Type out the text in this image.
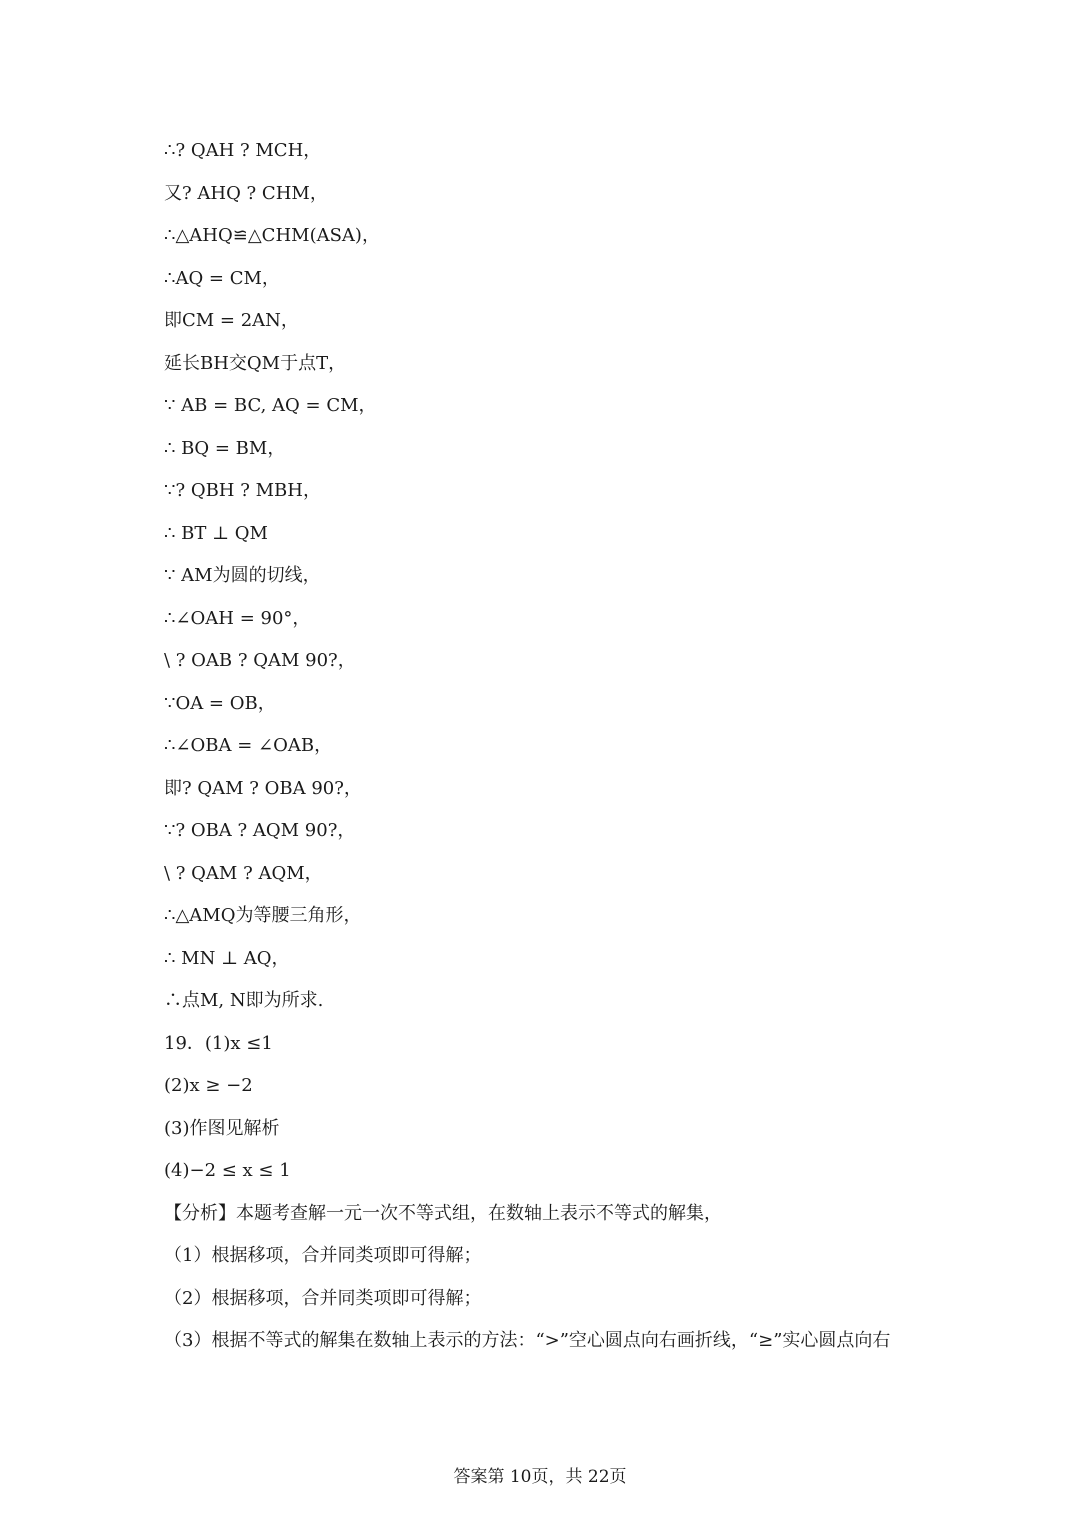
∴? QAH ? MCH，
又? AHQ ? CHM，
∴△AHQ≌△CHM(ASA)，
∴AQ = CM，
即CM = 2AN，
延长BH交QM于点T，
∵ AB = BC, AQ = CM，
∴ BQ = BM，
∵? QBH ? MBH，
∴ BT ⊥ QM
∵ AM为圆的切线，
∴∠OAH = 90°，
\ ? OAB ? QAM 90?，
∵OA = OB，
∴∠OBA = ∠OAB，
即? QAM ? OBA 90?，
∵? OBA ? AQM 90?，
\ ? QAM ? AQM，
∴△AMQ为等腰三角形，
∴ MN ⊥ AQ，
∴点M, N即为所求.
19．(1)x ≤1
(2)x ≥ −2
(3)作图见解析
(4)−2 ≤ x ≤ 1
【分析】本题考查解一元一次不等式组，在数轴上表示不等式的解集，
（1）根据移项，合并同类项即可得解；
（2）根据移项，合并同类项即可得解；
（3）根据不等式的解集在数轴上表示的方法：“>”空心圆点向右画折线，“≥”实心圆点向右
答案第 10页，共 22页
